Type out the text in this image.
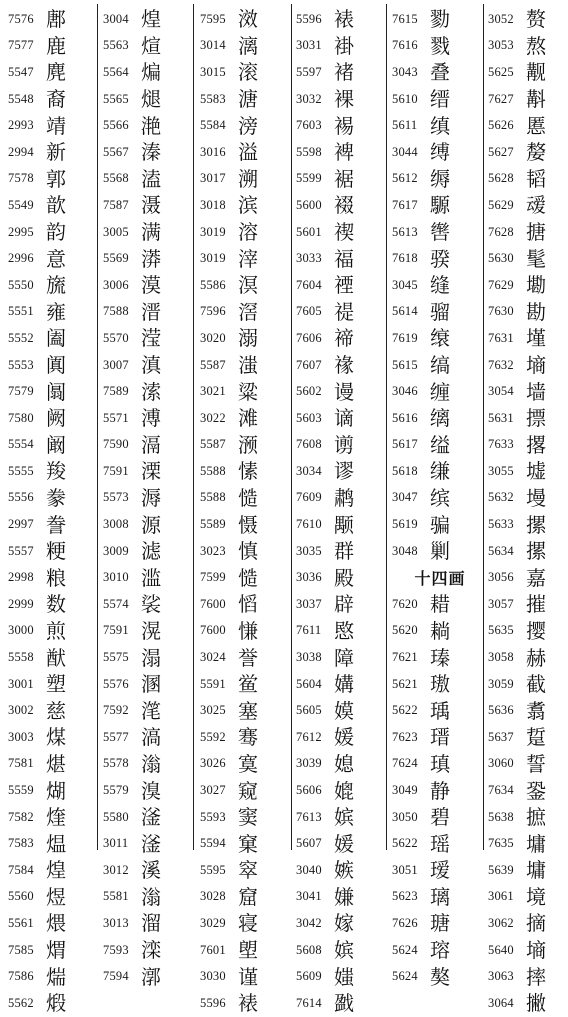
7576 鄌
7577 鹿
5547 麂
5548 裔
2993 靖
2994 新
7578 郭
5549 歆
2995 韵
2996 意
5550 旒
5551 雍
5552 阖
5553 阗
7579 阘
7580 阙
5554 阚
5555 羧
5556 豢
2997 誊
5557 粳
2998 粮
2999 数
3000 煎
5558 猷
3001 塑
3002 慈
3003 煤
7581 煁
5559 煳
7582 煃
7583 煴
7584 煌
5560 煜
5561 煨
7585 煟
7586 煓
5562 煅
3004 煌
5563 煊
5564 煸
5565 煺
5566 滟
5567 溱
5568 溘
7587 滠
3005 满
5569 漭
3006 漠
7588 溍
5570 滢
3007 滇
7589 溹
5571 溥
7590 滆
7591 溧
5573 溽
3008 源
3009 滤
3010 滥
5574 裟
7591 滉
5575 溻
5576 溷
7592 滗
5577 滈
5578 滃
5579 溴
5580 滏
3011 滏
3012 溪
5581 滃
3013 溜
7593 滦
7594 漷
7595 滧
3014 漓
3015 滚
5583 溏
5584 滂
3016 溢
3017 溯
3018 滨
3019 溶
3019 滓
5586 溟
7596 滘
3020 溺
5587 滍
3021 粱
3022 滩
5587 滪
5588 愫
5588 慥
5589 慑
3023 慎
7599 慥
7600 慆
7600 慊
3024 誉
5591 鲎
3025 塞
5592 骞
3026 寞
3027 窥
5593 窦
5594 窠
5595 窣
3028 窟
3029 寝
7601 塱
3030 谨
5596 裱
5596 裱
3031 褂
5597 褚
3032 裸
7603 裼
5598 裨
5599 裾
5600 裰
5601 禊
3033 福
7604 禋
7605 禔
7606 禘
7607 禒
5602 谩
5603 谪
7608 谫
3034 谬
7609 鹔
7610 颙
3035 群
3036 殿
3037 辟
7611 愍
3038 障
5604 媾
5605 嫫
7612 媛
3039 媳
5606 媲
7613 嫔
5607 媛
3040 嫉
3041 嫌
3042 嫁
5608 嫔
5609 媸
7614 戤
7615 勠
7616 戮
3043 叠
5610 缙
5611 缜
3044 缚
5612 缛
7617 騵
5613 辔
7618 骙
3045 缝
5614 骝
7619 缞
5615 缟
3046 缠
5616 缡
5617 缢
5618 缣
3047 缤
5619 骗
3048 剿
十四画
7620 耤
5620 耥
7621 瑧
5621 璈
5622 瑀
7623 瑨
7624 瑱
3049 静
3050 碧
5622 瑶
3051 瑷
5623 璃
7626 瑭
5624 瑢
5624 獒
3052 赘
3053 熬
5625 觏
7627 斠
5626 慝
5627 嫠
5628 韬
5629 叆
7628 搪
5630 髦
7629 墈
7630 勘
7631 墐
7632 墒
3054 墙
5631 摽
7633 撂
3055 墟
5632 墁
5633 摞
5634 摞
3056 嘉
3057 摧
5635 撄
3058 赫
3059 截
5636 翥
5637 踅
3060 誓
7634 銎
5638 摭
7635 墉
5639 墉
3061 境
3062 摘
5640 墒
3063 摔
3064 撇
